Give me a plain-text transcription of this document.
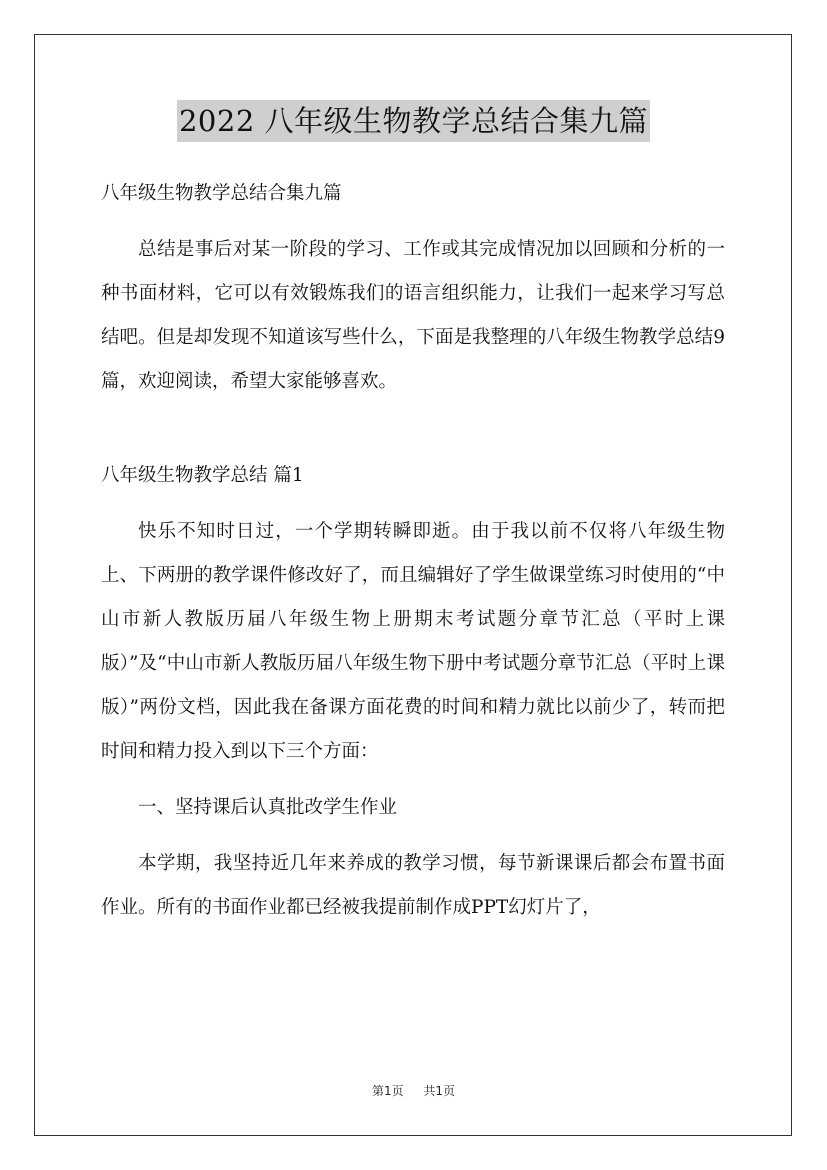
2022 八年级生物教学总结合集九篇
八年级生物教学总结合集九篇

总结是事后对某一阶段的学习、工作或其完成情况加以回顾和分析的一种书面材料，它可以有效锻炼我们的语言组织能力，让我们一起来学习写总结吧。但是却发现不知道该写些什么，下面是我整理的八年级生物教学总结9篇，欢迎阅读，希望大家能够喜欢。

八年级生物教学总结 篇1

快乐不知时日过，一个学期转瞬即逝。由于我以前不仅将八年级生物上、下两册的教学课件修改好了，而且编辑好了学生做课堂练习时使用的“中山市新人教版历届八年级生物上册期末考试题分章节汇总（平时上课版）”及“中山市新人教版历届八年级生物下册中考试题分章节汇总（平时上课版）”两份文档，因此我在备课方面花费的时间和精力就比以前少了，转而把时间和精力投入到以下三个方面：

一、坚持课后认真批改学生作业

本学期，我坚持近几年来养成的教学习惯，每节新课课后都会布置书面作业。所有的书面作业都已经被我提前制作成PPT幻灯片了，

第1页 共1页
